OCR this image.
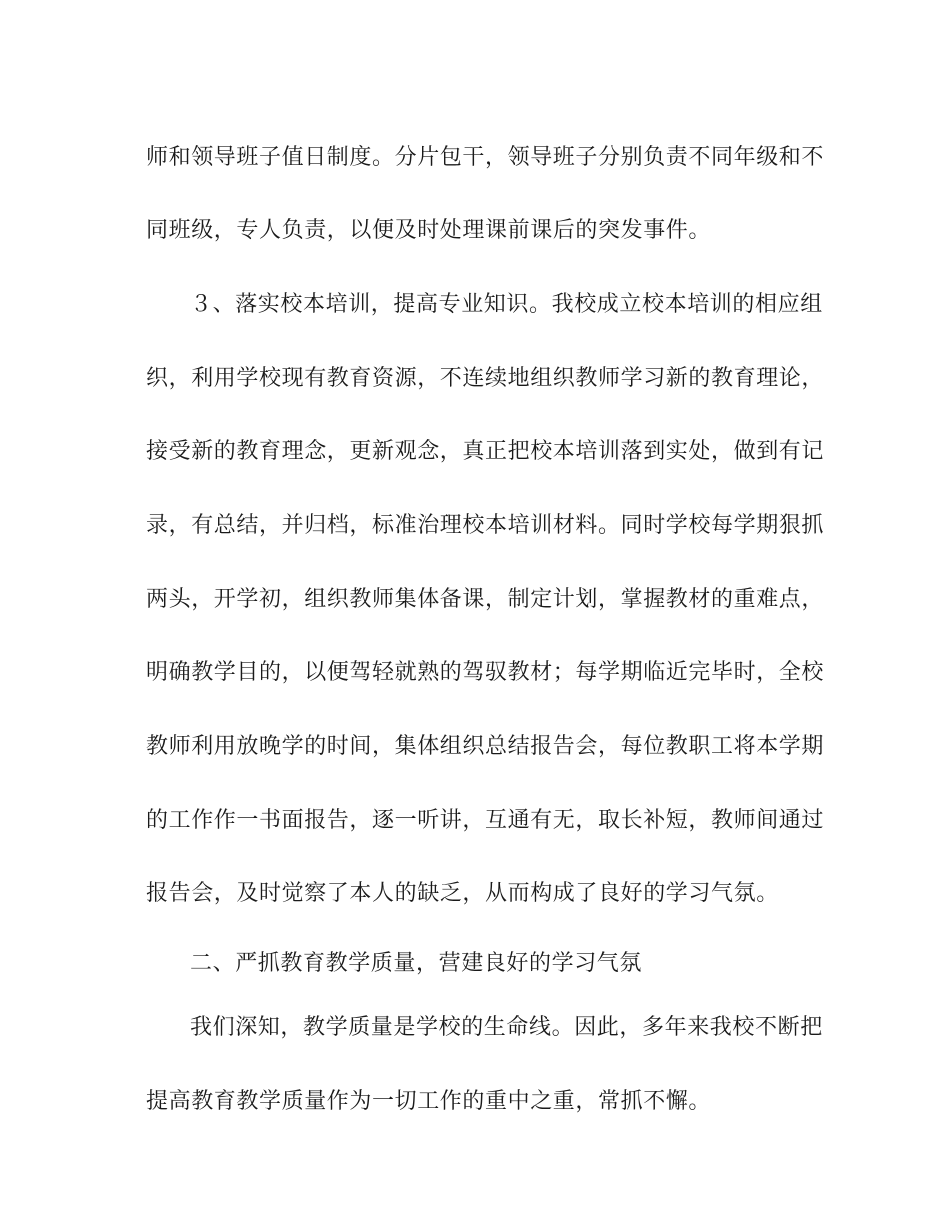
师和领导班子值日制度。分片包干，领导班子分别负责不同年级和不

同班级，专人负责，以便及时处理课前课后的突发事件。

３、落实校本培训，提高专业知识。我校成立校本培训的相应组

织，利用学校现有教育资源，不连续地组织教师学习新的教育理论，

接受新的教育理念，更新观念，真正把校本培训落到实处，做到有记

录，有总结，并归档，标准治理校本培训材料。同时学校每学期狠抓

两头，开学初，组织教师集体备课，制定计划，掌握教材的重难点，

明确教学目的，以便驾轻就熟的驾驭教材；每学期临近完毕时，全校

教师利用放晚学的时间，集体组织总结报告会，每位教职工将本学期

的工作作一书面报告，逐一听讲，互通有无，取长补短，教师间通过

报告会，及时觉察了本人的缺乏，从而构成了良好的学习气氛。

二、严抓教育教学质量，营建良好的学习气氛

我们深知，教学质量是学校的生命线。因此，多年来我校不断把

提高教育教学质量作为一切工作的重中之重，常抓不懈。
